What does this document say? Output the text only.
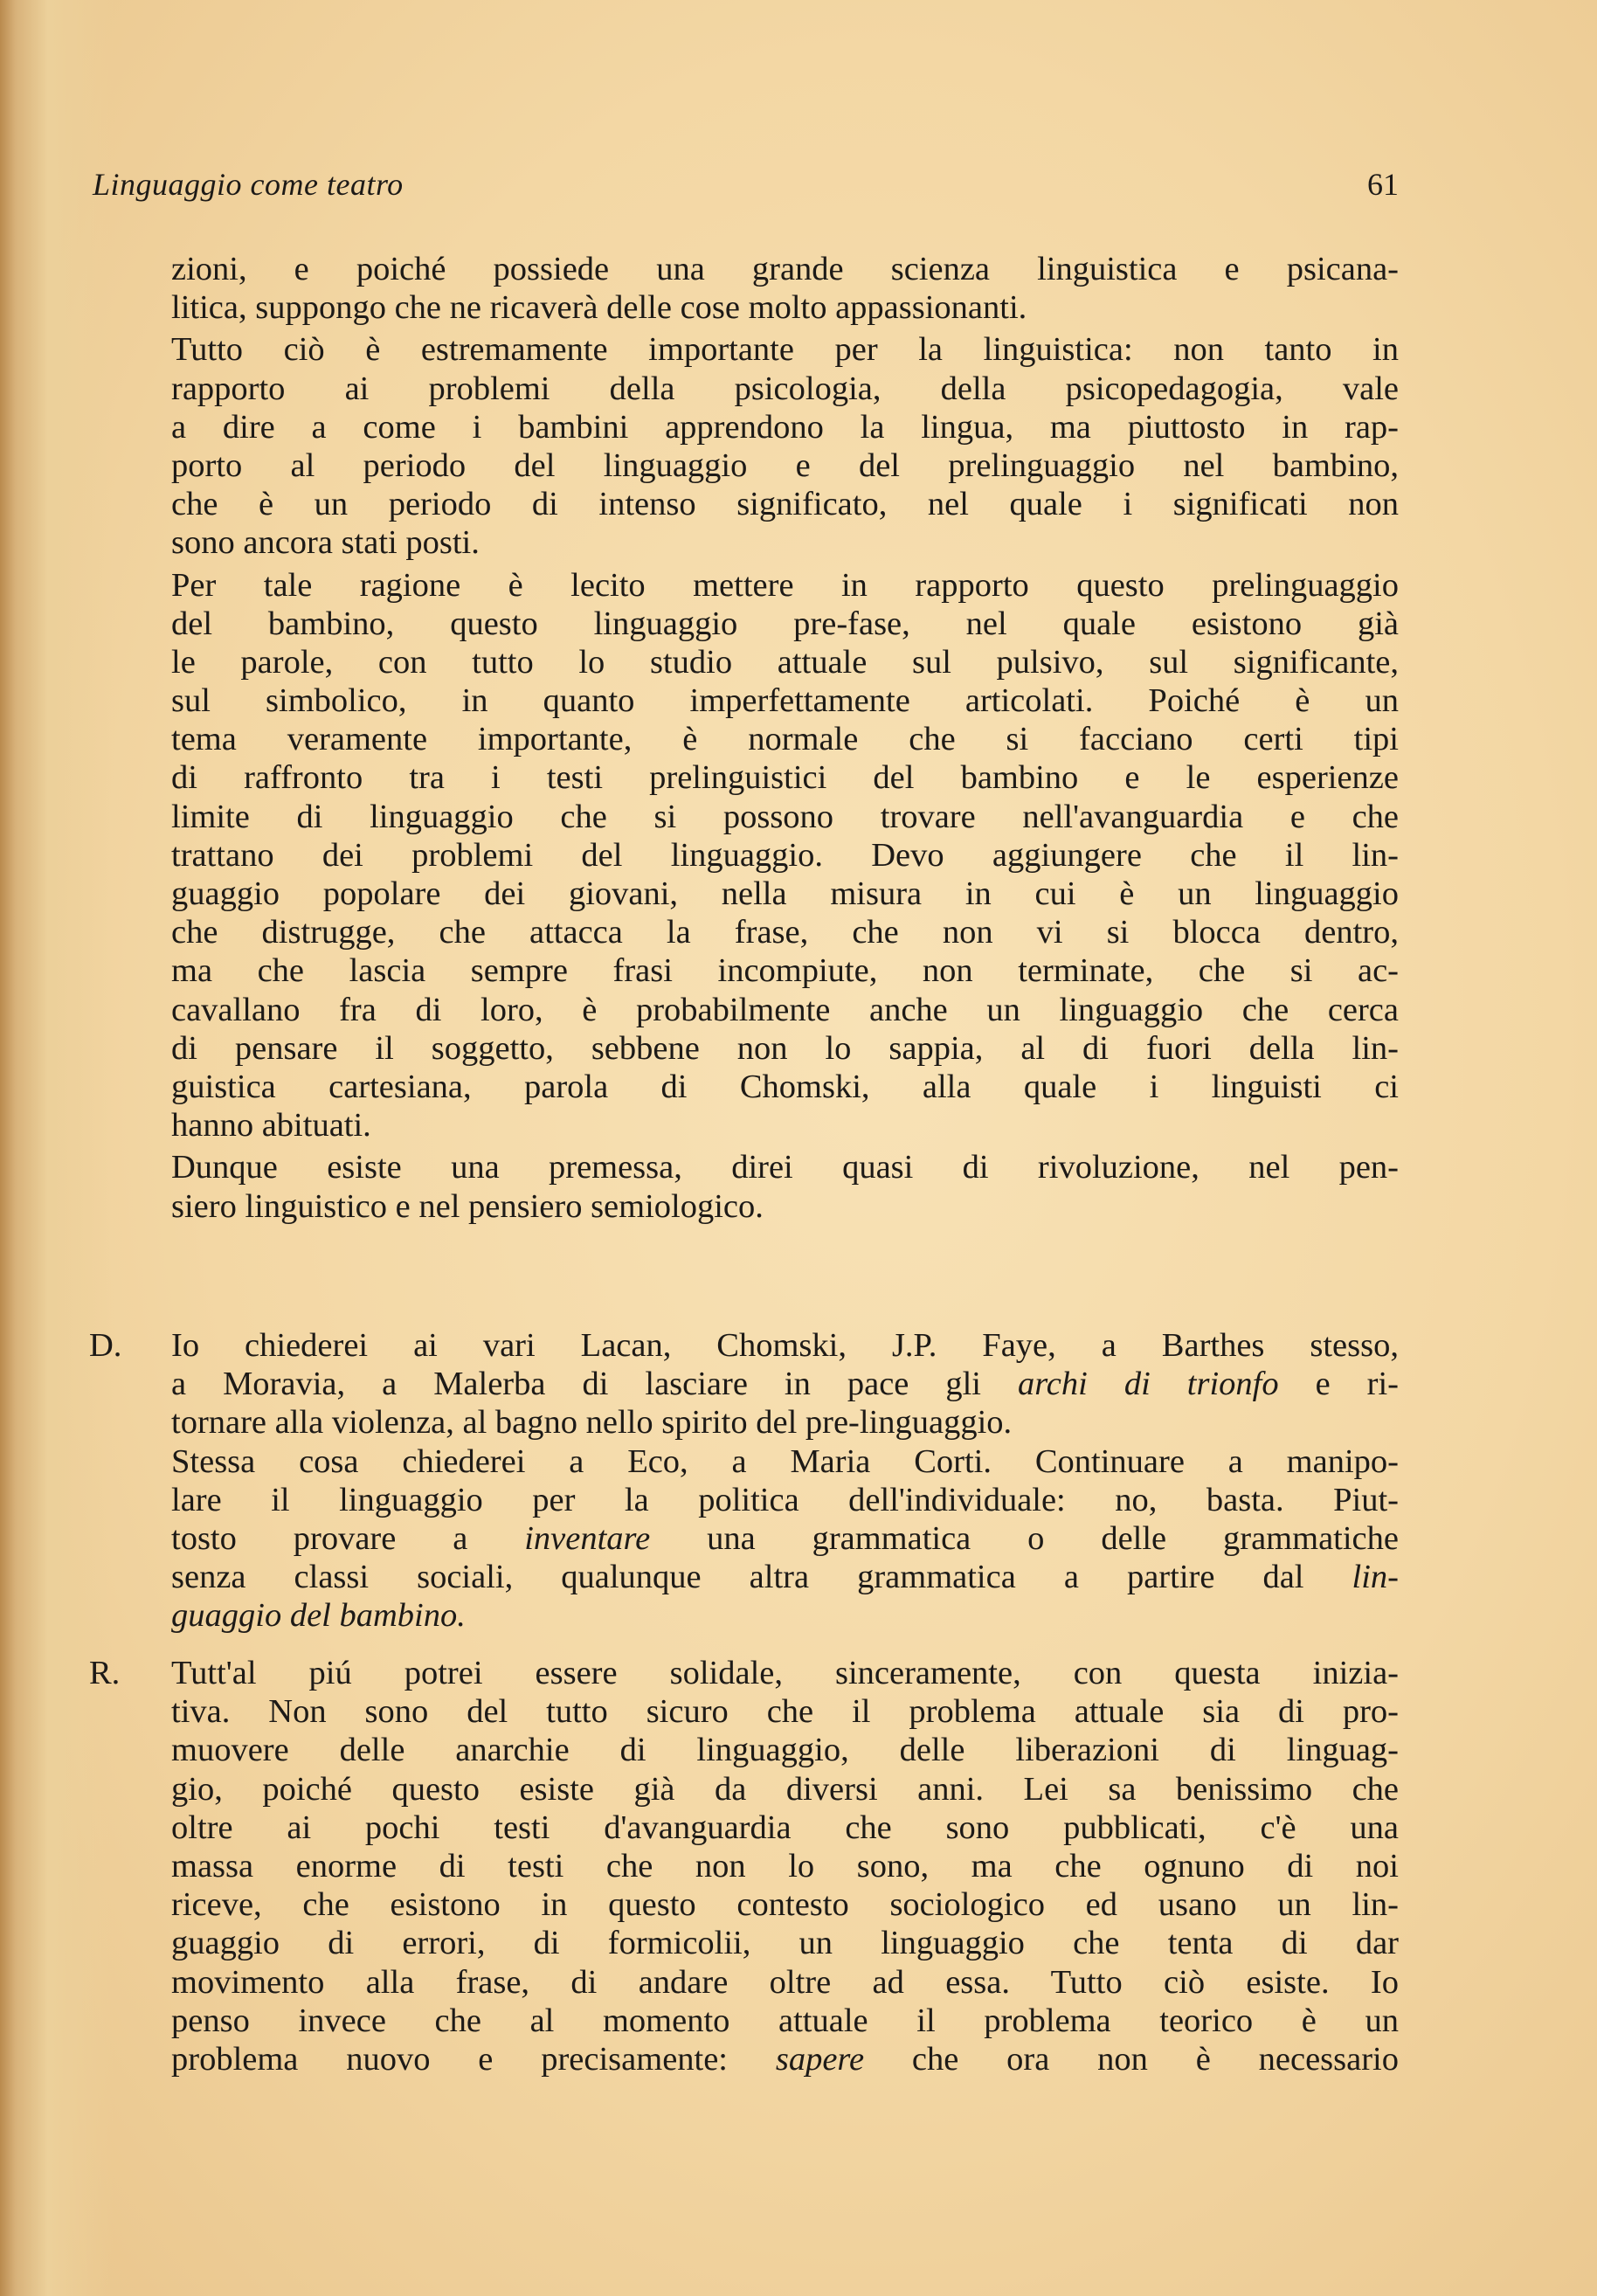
Linguaggio come teatro	61
zioni, e poiché possiede una grande scienza linguistica e psicana-
litica, suppongo che ne ricaverà delle cose molto appassionanti.
Tutto ciò è estremamente importante per la linguistica: non tanto in
rapporto ai problemi della psicologia, della psicopedagogia, vale
a dire a come i bambini apprendono la lingua, ma piuttosto in rap-
porto al periodo del linguaggio e del prelinguaggio nel bambino,
che è un periodo di intenso significato, nel quale i significati non
sono ancora stati posti.
Per tale ragione è lecito mettere in rapporto questo prelinguaggio
del bambino, questo linguaggio pre-fase, nel quale esistono già
le parole, con tutto lo studio attuale sul pulsivo, sul significante,
sul simbolico, in quanto imperfettamente articolati. Poiché è un
tema veramente importante, è normale che si facciano certi tipi
di raffronto tra i testi prelinguistici del bambino e le esperienze
limite di linguaggio che si possono trovare nell'avanguardia e che
trattano dei problemi del linguaggio. Devo aggiungere che il lin-
guaggio popolare dei giovani, nella misura in cui è un linguaggio
che distrugge, che attacca la frase, che non vi si blocca dentro,
ma che lascia sempre frasi incompiute, non terminate, che si ac-
cavallano fra di loro, è probabilmente anche un linguaggio che cerca
di pensare il soggetto, sebbene non lo sappia, al di fuori della lin-
guistica cartesiana, parola di Chomski, alla quale i linguisti ci
hanno abituati.
Dunque esiste una premessa, direi quasi di rivoluzione, nel pen-
siero linguistico e nel pensiero semiologico.
D. Io chiederei ai vari Lacan, Chomski, J.P. Faye, a Barthes stesso,
a Moravia, a Malerba di lasciare in pace gli archi di trionfo e ri-
tornare alla violenza, al bagno nello spirito del pre-linguaggio.
Stessa cosa chiederei a Eco, a Maria Corti. Continuare a manipo-
lare il linguaggio per la politica dell'individuale: no, basta. Piut-
tosto provare a inventare una grammatica o delle grammatiche
senza classi sociali, qualunque altra grammatica a partire dal lin-
guaggio del bambino.
R. Tutt'al piú potrei essere solidale, sinceramente, con questa inizia-
tiva. Non sono del tutto sicuro che il problema attuale sia di pro-
muovere delle anarchie di linguaggio, delle liberazioni di linguag-
gio, poiché questo esiste già da diversi anni. Lei sa benissimo che
oltre ai pochi testi d'avanguardia che sono pubblicati, c'è una
massa enorme di testi che non lo sono, ma che ognuno di noi
riceve, che esistono in questo contesto sociologico ed usano un lin-
guaggio di errori, di formicolii, un linguaggio che tenta di dar
movimento alla frase, di andare oltre ad essa. Tutto ciò esiste. Io
penso invece che al momento attuale il problema teorico è un
problema nuovo e precisamente: sapere che ora non è necessario
